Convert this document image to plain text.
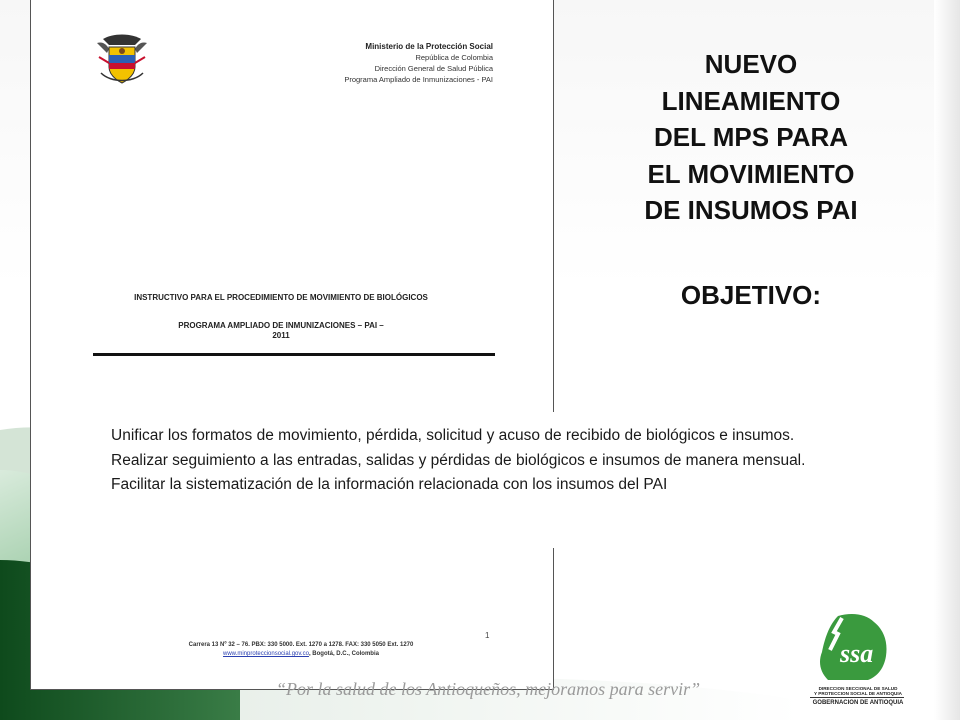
Ministerio de la Protección Social
República de Colombia
Dirección General de Salud Pública
Programa Ampliado de Inmunizaciones - PAI
INSTRUCTIVO PARA EL PROCEDIMIENTO DE MOVIMIENTO DE BIOLÓGICOS
PROGRAMA AMPLIADO DE INMUNIZACIONES – PAI –
2011
1
Carrera 13 Nº 32 – 76. PBX: 330 5000. Ext. 1270 a 1278. FAX: 330 5050 Ext. 1270
www.minproteccionsocial.gov.co, Bogotá, D.C., Colombia
NUEVO
LINEAMIENTO
DEL MPS PARA
EL MOVIMIENTO
DE INSUMOS PAI
OBJETIVO:

Unificar los formatos de movimiento, pérdida, solicitud y acuso de recibido de biológicos e insumos.

Realizar seguimiento a las entradas, salidas y pérdidas de biológicos e insumos de manera mensual.

Facilitar la sistematización de la información relacionada con los insumos del PAI

“Por la salud de los Antioqueños, mejoramos para servir”
ssa
DIRECCION SECCIONAL DE SALUD
Y PROTECCION SOCIAL DE ANTIOQUIA
GOBERNACION DE ANTIOQUIA
